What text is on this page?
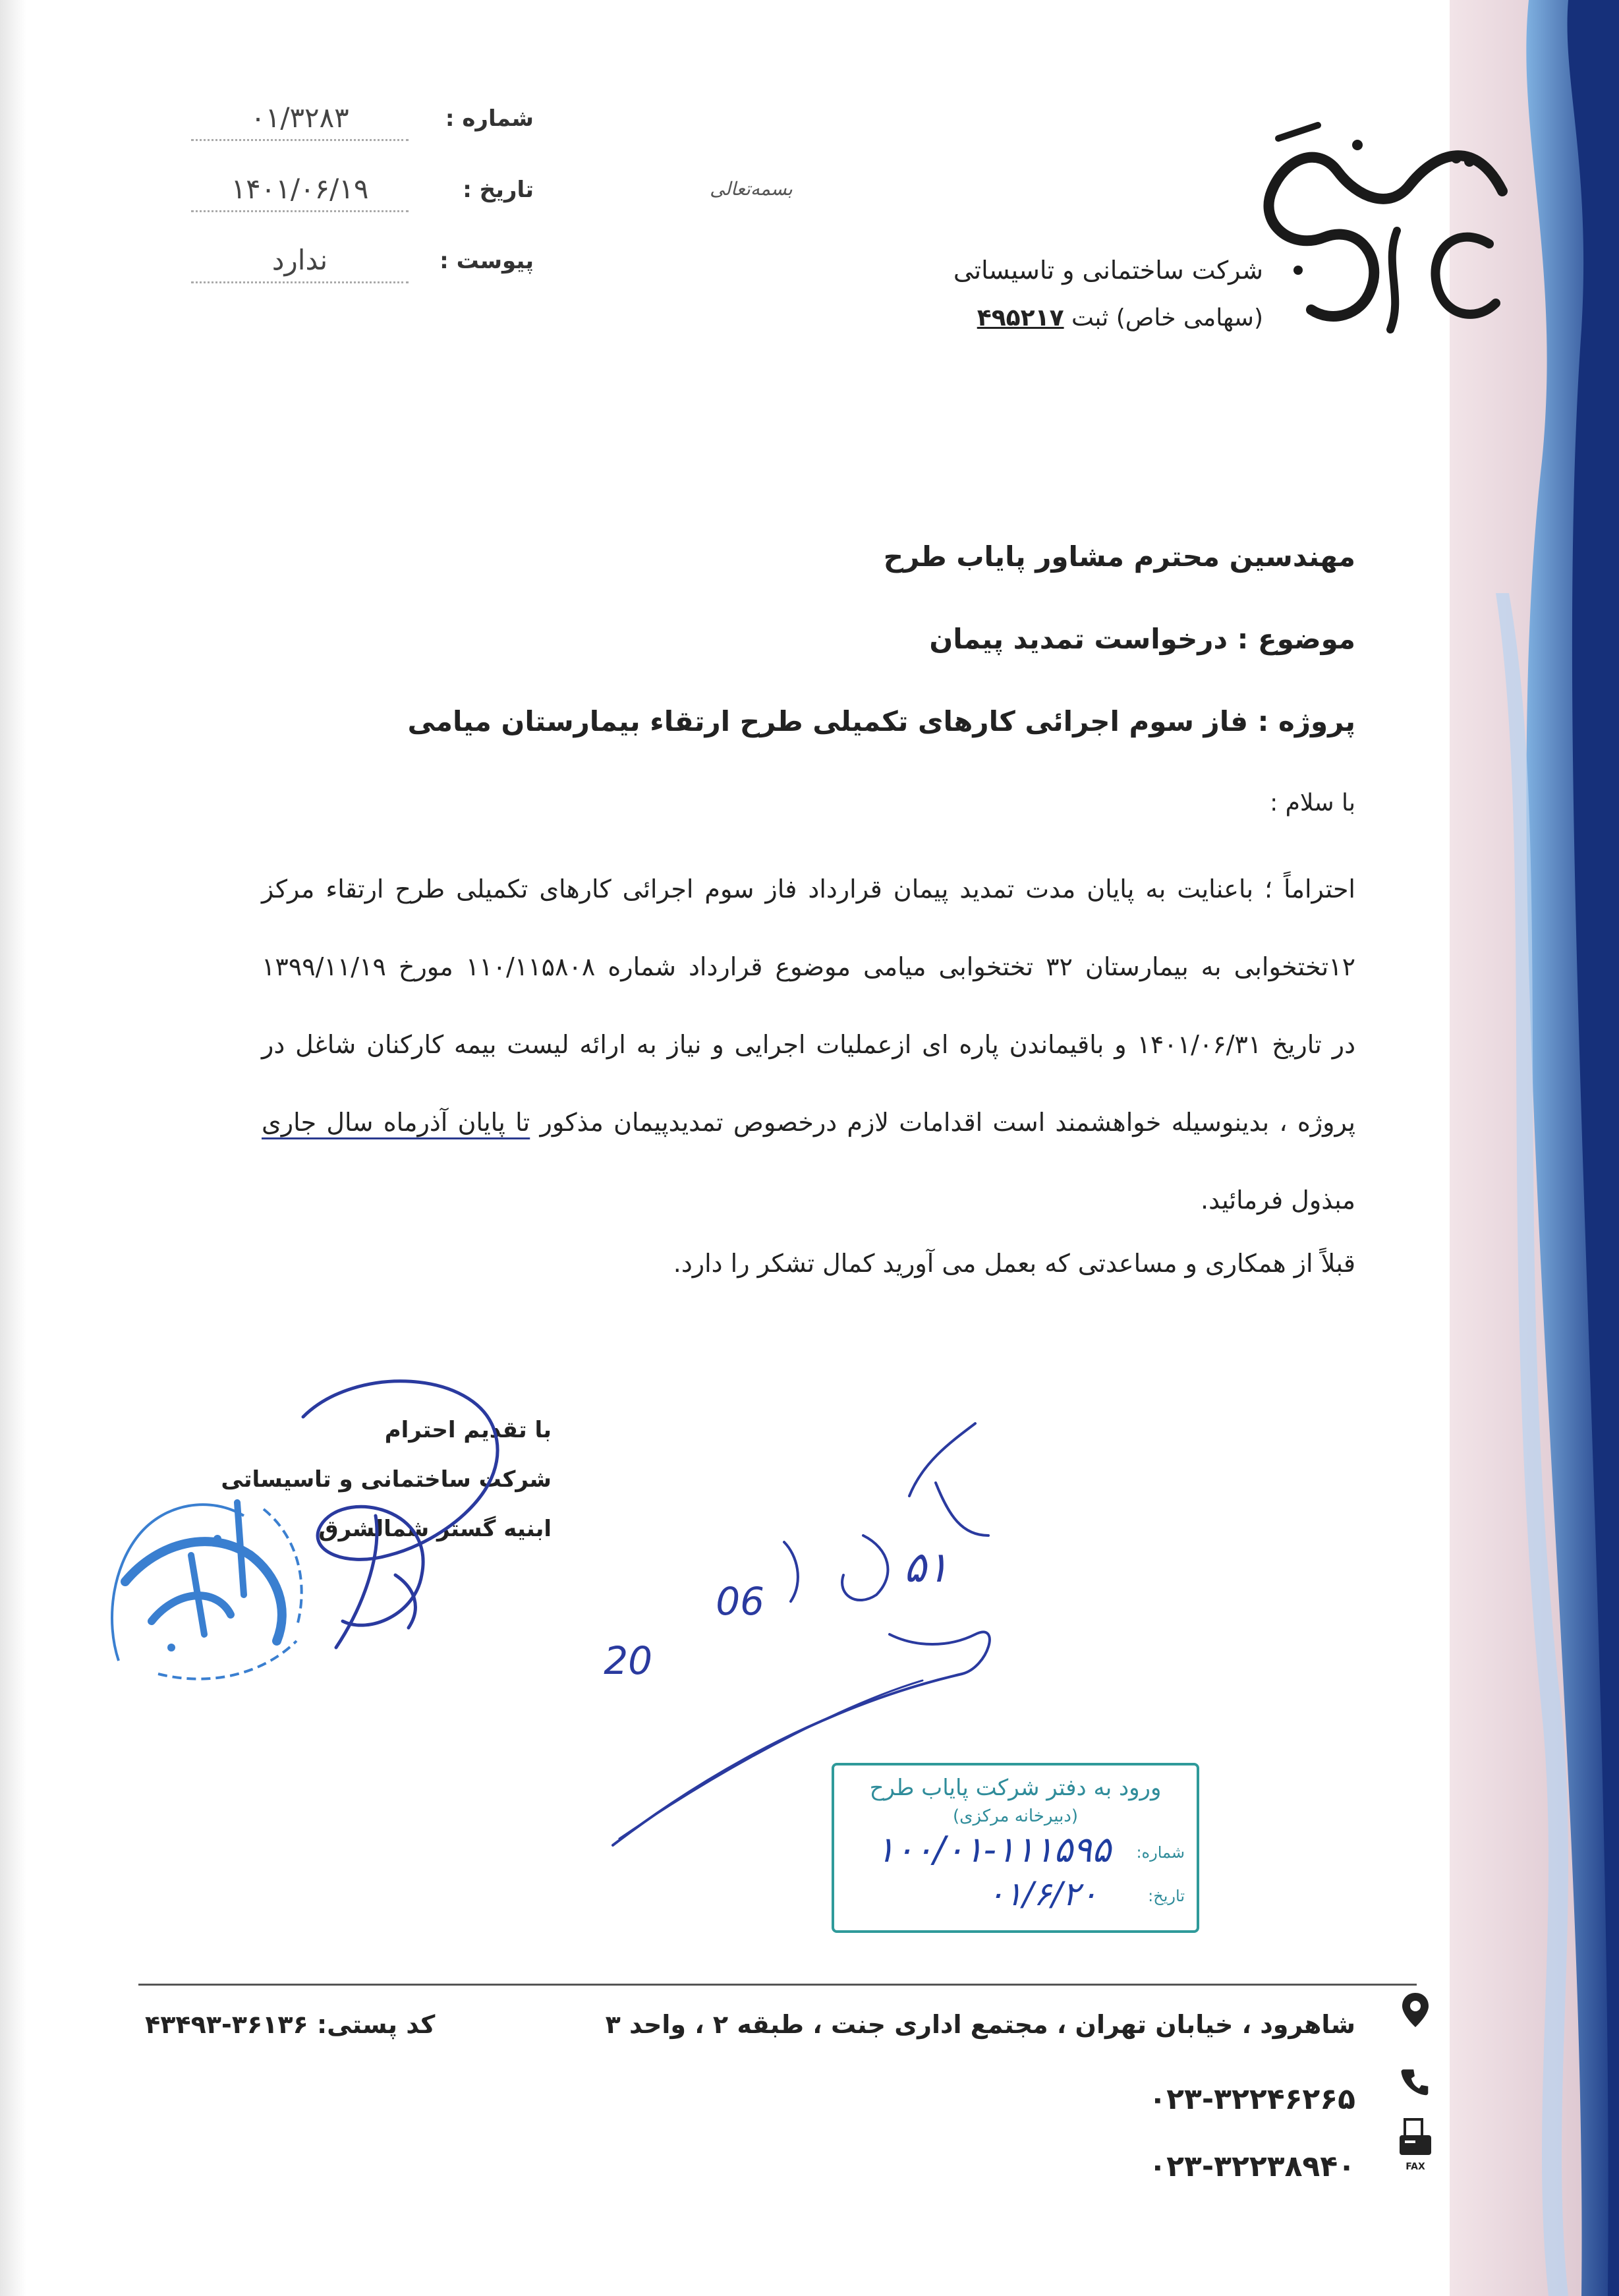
شماره :
۰۱/۳۲۸۳
تاریخ :
۱۴۰۱/۰۶/۱۹
پیوست :
ندارد
بسمه‌تعالی
شرکت ساختمانی و تاسیساتی
(سهامی خاص) ثبت ۴۹۵۲۱۷
مهندسین محترم مشاور پایاب طرح
موضوع : درخواست تمدید پیمان
پروژه : فاز سوم اجرائی کارهای تکمیلی طرح ارتقاء بیمارستان میامی
با سلام :
احتراماً ؛ باعنایت به پایان مدت تمدید پیمان قرارداد فاز سوم اجرائی کارهای تکمیلی طرح ارتقاء مرکز
۱۲تختخوابی به بیمارستان ۳۲ تختخوابی میامی موضوع قرارداد شماره ۱۱۰/۱۱۵۸۰۸ مورخ ۱۳۹۹/۱۱/۱۹
در تاریخ ۱۴۰۱/۰۶/۳۱ و باقیماندن پاره ای ازعملیات اجرایی و نیاز به ارائه لیست بیمه کارکنان شاغل در
پروژه ، بدینوسیله خواهشمند است اقدامات لازم درخصوص تمدیدپیمان مذکور تا پایان آذرماه سال جاری
مبذول فرمائید.
قبلاً از همکاری و مساعدتی که بعمل می آورید کمال تشکر را دارد.
با تقدیم احترام
شرکت ساختمانی و تاسیساتی
ابنیه گستر شمالشرق
۵۱
06
20
ورود به دفتر شرکت پایاب طرح
(دبیرخانه مرکزی)
شماره:
تاریخ:
۱۰۰/۰۱-۱۱۱۵۹۵
۰۱/۶/۲۰
شاهرود ، خیابان تهران ، مجتمع اداری جنت ، طبقه ۲ ، واحد ۳
کد پستی: ۳۶۱۳۶-۴۳۴۹۳
۰۲۳-۳۲۲۴۶۲۶۵
FAX
۰۲۳-۳۲۲۳۸۹۴۰
